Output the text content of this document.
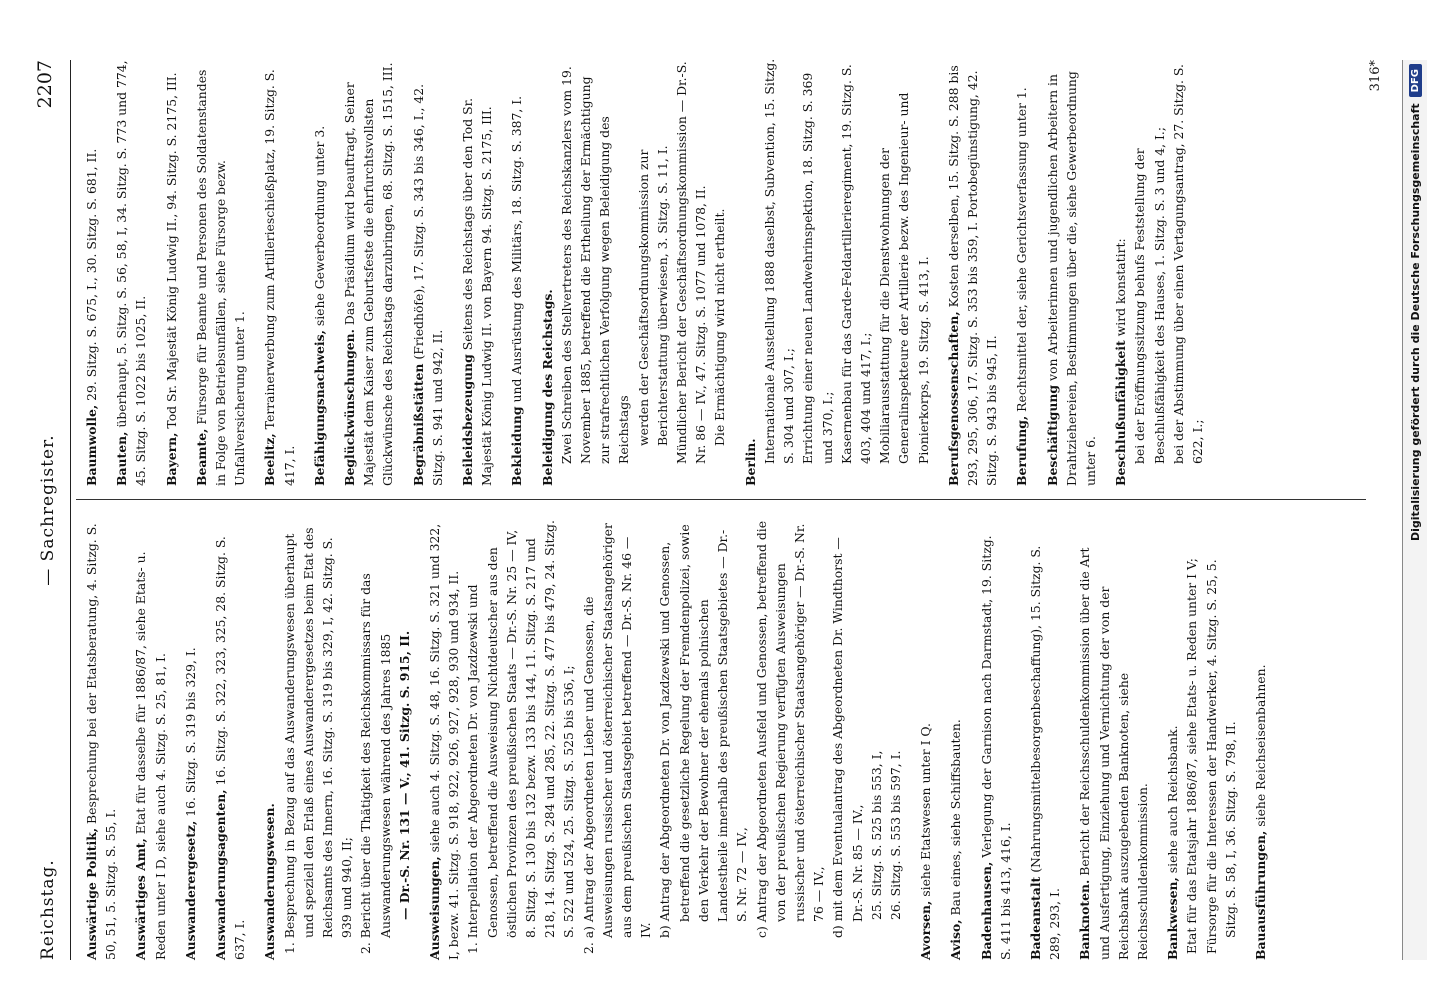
Reichstag.
— Sachregister.
2207

Auswärtige Politik, Besprechung bei der Etatsberatung, 4. Sitzg. S. 50, 51, 5. Sitzg. S. 55, I. Auswärtiges Amt, Etat für dasselbe für 1886/87, siehe Etats- u. Reden unter I D, siehe auch 4. Sitzg. S. 25, 81, I. Auswanderergesetz, 16. Sitzg. S. 319 bis 329, I.

Auswanderungsagenten, 16. Sitzg. S. 322, 323, 325, 28. Sitzg. S. 637, I. Auswanderungswesen. 1. Besprechung in Bezug auf das Auswanderungswesen überhaupt und speziell den Erlaß eines Auswanderergesetzes beim Etat des Reichsamts des Innern, 16. Sitzg. S. 319 bis 329, I, 42. Sitzg. S. 939 und 940, II; 2. Bericht über die Thätigkeit des Reichskommissars für das Auswanderungswesen während des Jahres 1885 — Dr.-S. Nr. 131 — V., 41. Sitzg. S. 915, II. Ausweisungen, siehe auch 4. Sitzg. S. 48, 16. Sitzg. S. 321 und 322, I, bezw. 41. Sitzg. S. 918, 922, 926, 927, 928, 930 und 934, II. 1. Interpellation der Abgeordneten Dr. von Jazdzewski und Genossen, betreffend die Ausweisung Nichtdeutscher aus den östlichen Provinzen des preußischen Staats — Dr.-S. Nr. 25 — IV, 8. Sitzg. S. 130 bis 132 bezw. 133 bis 144, 11. Sitzg. S. 217 und 218, 14. Sitzg. S. 284 und 285, 22. Sitzg. S. 477 bis 479, 24. Sitzg. S. 522 und 524, 25. Sitzg. S. 525 bis 536, I; 2. a) Antrag der Abgeordneten Lieber und Genossen, die Ausweisungen russischer und österreichischer Staatsangehöriger aus dem preußischen Staatsgebiet betreffend — Dr.-S. Nr. 46 — IV. b) Antrag der Abgeordneten Dr. von Jazdzewski und Genossen, betreffend die gesetzliche Regelung der Fremdenpolizei, sowie den Verkehr der Bewohner der ehemals polnischen Landestheile innerhalb des preußischen Staatsgebietes — Dr.-S. Nr. 72 — IV., c) Antrag der Abgeordneten Ausfeld und Genossen, betreffend die von der preußischen Regierung verfügten Ausweisungen russischer und österreichischer Staatsangehöriger — Dr.-S. Nr. 76 — IV., d) mit dem Eventualantrag des Abgeordneten Dr. Windthorst — Dr.-S. Nr. 85 — IV., 25. Sitzg. S. 525 bis 553, I, 26. Sitzg. S. 553 bis 597, I.

Avorsen, siehe Etatswesen unter I Q.

Aviso, Bau eines, siehe Schiffsbauten. Badenhausen, Verlegung der Garnison nach Darmstadt, 19. Sitzg. S. 411 bis 413, 416, I. Badeanstalt (Nahrungsmittelbesorgenbeschaffung), 15. Sitzg. S. 289, 293, I. Banknoten. Bericht der Reichsschuldenkommission über die Art und Ausfertigung, Einziehung und Vernichtung der von der Reichsbank auszugebenden Banknoten, siehe Reichsschuldenkommission. Bankwesen, siehe auch Reichsbank. Etat für das Etatsjahr 1886/87, siehe Etats- u. Reden unter I V; Fürsorge für die Interessen der Handwerker, 4. Sitzg. S. 25, 5. Sitzg. S. 58, I, 36. Sitzg. S. 798, II. Bauausführungen, siehe Reichseisenbahnen.

Baumwolle, 29. Sitzg. S. 675, I., 30. Sitzg. S. 681, II.

Bauten, überhaupt, 5. Sitzg. S. 56, 58, I, 34. Sitzg. S. 773 und 774, 45. Sitzg. S. 1022 bis 1025, II. Bayern, Tod Sr. Majestät König Ludwig II., 94. Sitzg. S. 2175, III.

Beamte, Fürsorge für Beamte und Personen des Soldatenstandes in Folge von Betriebsunfällen, siehe Fürsorge bezw. Unfallversicherung unter 1. Beelitz, Terrainerwerbung zum Artillerieschießplatz, 19. Sitzg. S. 417, I. Befähigungsnachweis, siehe Gewerbeordnung unter 3.

Beglückwünschungen. Das Präsidium wird beauftragt, Seiner Majestät dem Kaiser zum Geburtsfeste die ehrfurchtsvollsten Glückwünsche des Reichstags darzubringen, 68. Sitzg. S. 1515, III. Begräbnißstätten (Friedhöfe), 17. Sitzg. S. 343 bis 346, I., 42. Sitzg. S. 941 und 942, II. Beileidsbezeugung Seitens des Reichstags über den Tod Sr. Majestät König Ludwig II. von Bayern 94. Sitzg. S. 2175, III. Bekleidung und Ausrüstung des Militärs, 18. Sitzg. S. 387, I. Beleidigung des Reichstags. Zwei Schreiben des Stellvertreters des Reichskanzlers vom 19. November 1885, betreffend die Ertheilung der Ermächtigung zur strafrechtlichen Verfolgung wegen Beleidigung des Reichstags werden der Geschäftsordnungskommission zur Berichterstattung überwiesen, 3. Sitzg. S. 11, I. Mündlicher Bericht der Geschäftsordnungskommission — Dr.-S. Nr. 86 — IV., 47. Sitzg. S. 1077 und 1078, II. Die Ermächtigung wird nicht ertheilt.
Berlin. Internationale Ausstellung 1888 daselbst, Subvention, 15. Sitzg. S. 304 und 307, I.; Errichtung einer neuen Landwehrinspektion, 18. Sitzg. S. 369 und 370, I.; Kasernenbau für das Garde-Feldartillerieregiment, 19. Sitzg. S. 403, 404 und 417, I.; Mobiliarausstattung für die Dienstwohnungen der Generalinspekteure der Artillerie bezw. des Ingenieur- und Pionierkorps, 19. Sitzg. S. 413, I. Berufsgenossenschaften, Kosten derselben, 15. Sitzg. S. 288 bis 293, 295, 306, 17. Sitzg. S. 353 bis 359, I. Portobegünstigung, 42. Sitzg. S. 943 bis 945, II. Berufung, Rechtsmittel der, siehe Gerichtsverfassung unter 1.

Beschäftigung von Arbeiterinnen und jugendlichen Arbeitern in Drahtziehereien, Bestimmungen über die, siehe Gewerbeordnung unter 6. Beschlußunfähigkeit wird konstatirt: bei der Eröffnungssitzung behufs Feststellung der Beschlußfähigkeit des Hauses, 1. Sitzg. S. 3 und 4, I.; bei der Abstimmung über einen Vertagungsantrag, 27. Sitzg. S. 622, I.;
316*
Digitalisierung gefördert durch die Deutsche Forschungsgemeinschaft
DFG
